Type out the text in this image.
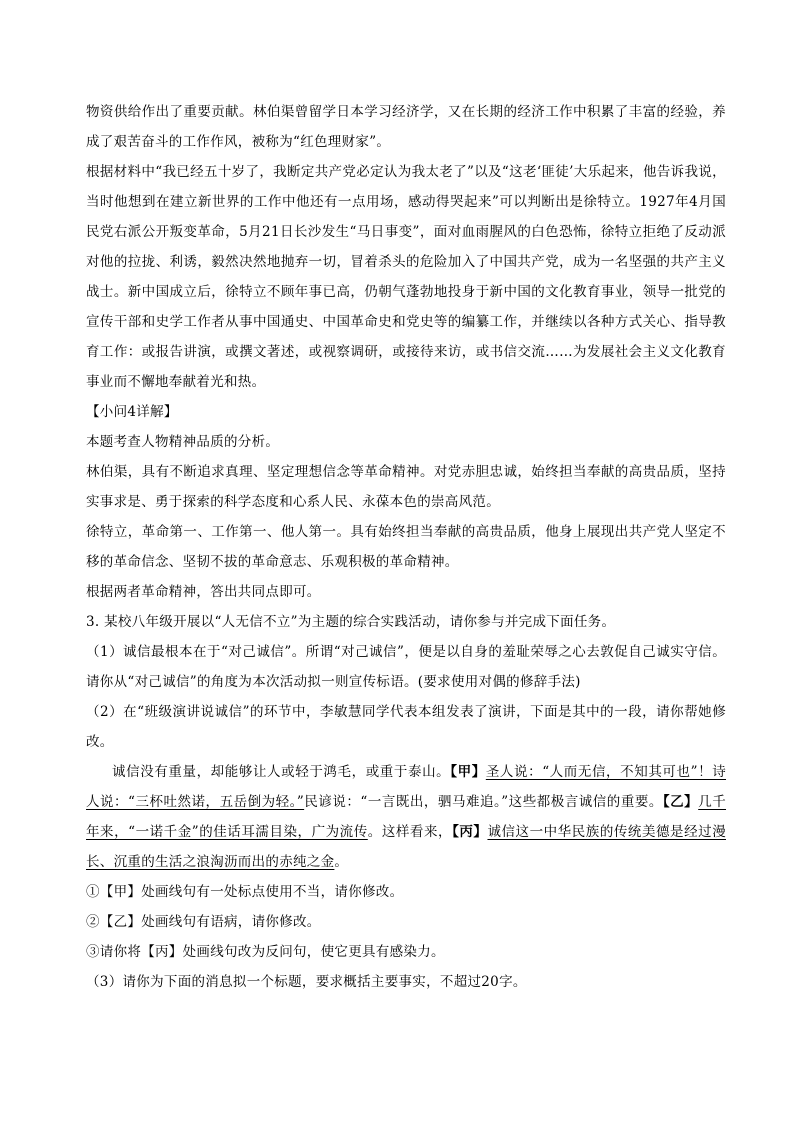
物资供给作出了重要贡献。林伯渠曾留学日本学习经济学，又在长期的经济工作中积累了丰富的经验，养成了艰苦奋斗的工作作风，被称为“红色理财家”。

根据材料中“我已经五十岁了，我断定共产党必定认为我太老了”以及“这老‘匪徒’大乐起来，他告诉我说，当时他想到在建立新世界的工作中他还有一点用场，感动得哭起来”可以判断出是徐特立。1927年4月国民党右派公开叛变革命，5月21日长沙发生“马日事变”，面对血雨腥风的白色恐怖，徐特立拒绝了反动派对他的拉拢、利诱，毅然决然地抛弃一切，冒着杀头的危险加入了中国共产党，成为一名坚强的共产主义战士。新中国成立后，徐特立不顾年事已高，仍朝气蓬勃地投身于新中国的文化教育事业，领导一批党的宣传干部和史学工作者从事中国通史、中国革命史和党史等的编纂工作，并继续以各种方式关心、指导教育工作：或报告讲演，或撰文著述，或视察调研，或接待来访，或书信交流……为发展社会主义文化教育事业而不懈地奉献着光和热。

【小问4详解】

本题考查人物精神品质的分析。

林伯渠，具有不断追求真理、坚定理想信念等革命精神。对党赤胆忠诚，始终担当奉献的高贵品质，坚持实事求是、勇于探索的科学态度和心系人民、永葆本色的崇高风范。

徐特立，革命第一、工作第一、他人第一。具有始终担当奉献的高贵品质，他身上展现出共产党人坚定不移的革命信念、坚韧不拔的革命意志、乐观积极的革命精神。

根据两者革命精神，答出共同点即可。

3. 某校八年级开展以“人无信不立”为主题的综合实践活动，请你参与并完成下面任务。

（1）诚信最根本在于“对己诚信”。所谓“对己诚信”，便是以自身的羞耻荣辱之心去敦促自己诚实守信。请你从“对己诚信”的角度为本次活动拟一则宣传标语。(要求使用对偶的修辞手法)

（2）在“班级演讲说诚信”的环节中，李敏慧同学代表本组发表了演讲，下面是其中的一段，请你帮她修改。

诚信没有重量，却能够让人或轻于鸿毛，或重于泰山。【甲】圣人说：“人而无信，不知其可也”！诗人说：“三杯吐然诺，五岳倒为轻。”民谚说：“一言既出，驷马难追。”这些都极言诚信的重要。【乙】几千年来，“一诺千金”的佳话耳濡目染，广为流传。这样看来，【丙】诚信这一中华民族的传统美德是经过漫长、沉重的生活之浪淘沥而出的赤纯之金。

①【甲】处画线句有一处标点使用不当，请你修改。

②【乙】处画线句有语病，请你修改。

③请你将【丙】处画线句改为反问句，使它更具有感染力。

（3）请你为下面的消息拟一个标题，要求概括主要事实，不超过20字。
